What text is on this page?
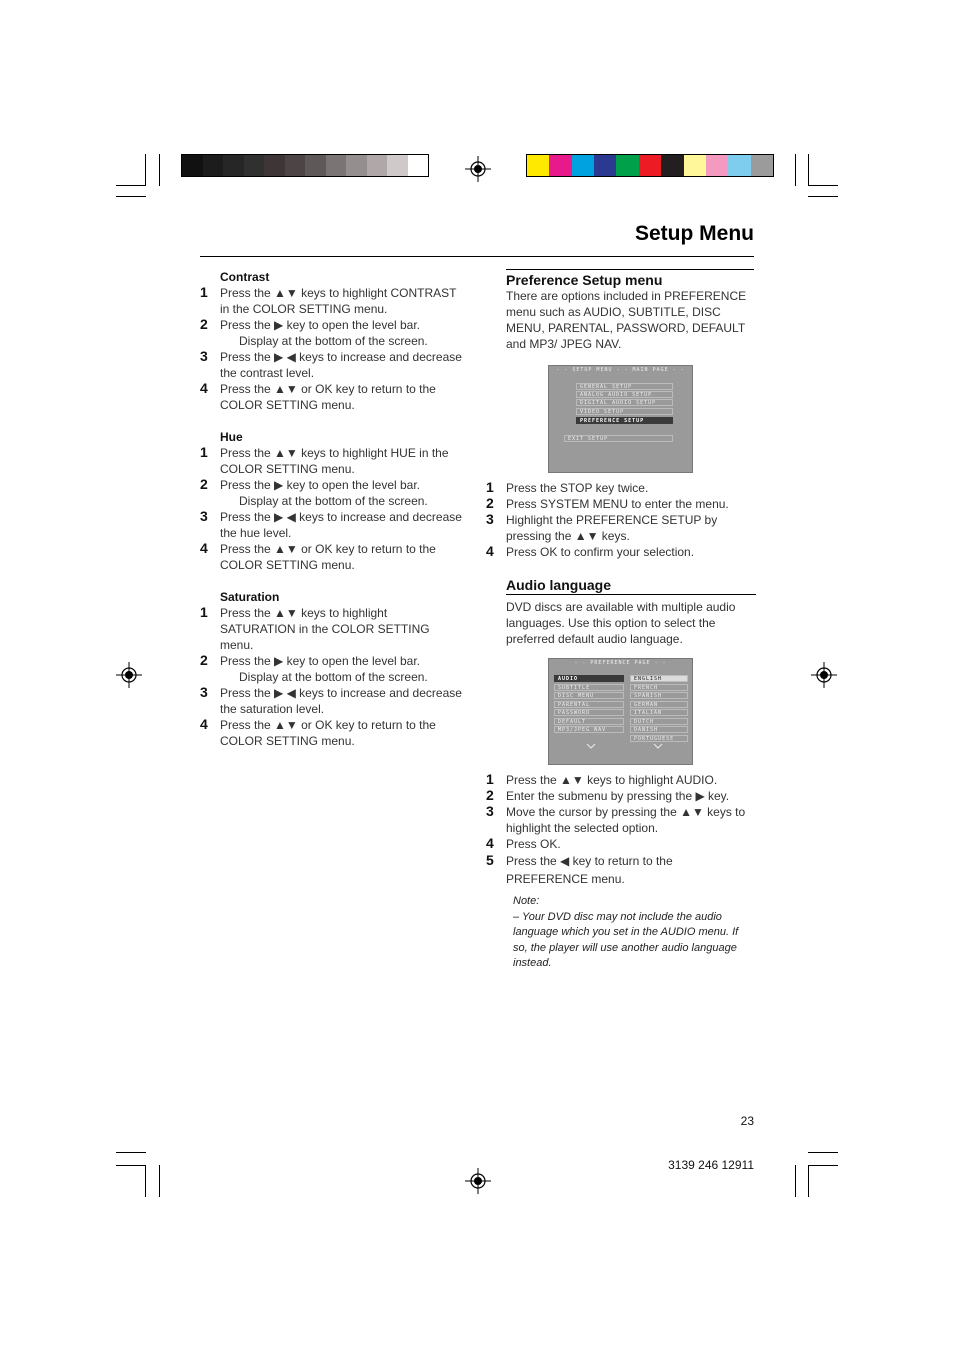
Setup Menu
Contrast
1 Press the ▲▼ keys to highlight CONTRAST in the COLOR SETTING menu.
2 Press the ▶ key to open the level bar.
Display at the bottom of the screen.
3 Press the ▶ ◀ keys to increase and decrease the contrast level.
4 Press the ▲▼ or OK key to return to the COLOR SETTING menu.
Hue
1 Press the ▲▼ keys to highlight HUE in the COLOR SETTING menu.
2 Press the ▶ key to open the level bar.
Display at the bottom of the screen.
3 Press the ▶ ◀ keys to increase and decrease the hue level.
4 Press the ▲▼ or OK key to return to the COLOR SETTING menu.
Saturation
1 Press the ▲▼ keys to highlight SATURATION in the COLOR SETTING menu.
2 Press the ▶ key to open the level bar.
Display at the bottom of the screen.
3 Press the ▶ ◀ keys to increase and decrease the saturation level.
4 Press the ▲▼ or OK key to return to the COLOR SETTING menu.
Preference Setup menu
There are options included in PREFERENCE menu such as AUDIO, SUBTITLE, DISC MENU, PARENTAL, PASSWORD, DEFAULT and MP3/ JPEG NAV.
- - SETUP MENU - - MAIN PAGE - -
GENERAL SETUP
ANALOG AUDIO SETUP
DIGITAL AUDIO SETUP
VIDEO SETUP
PREFERENCE SETUP
EXIT SETUP
1 Press the STOP key twice.
2 Press SYSTEM MENU to enter the menu.
3 Highlight the PREFERENCE SETUP by pressing the ▲▼ keys.
4 Press OK to confirm your selection.
Audio language
DVD discs are available with multiple audio languages. Use this option to select the preferred default audio language.
- - PREFERENCE PAGE - -
AUDIO
SUBTITLE
DISC MENU
PARENTAL
PASSWORD
DEFAULT
MP3/JPEG NAV
ENGLISH
FRENCH
SPANISH
GERMAN
ITALIAN
DUTCH
DANISH
PORTUGUESE
1 Press the ▲▼ keys to highlight AUDIO.
2 Enter the submenu by pressing the ▶ key.
3 Move the cursor by pressing the ▲▼ keys to highlight the selected option.
4 Press OK.
5 Press the ◀ key to return to the PREFERENCE menu.
Note:
– Your DVD disc may not include the audio language which you set in the AUDIO menu. If so, the player will use another audio language instead.
23
3139 246 12911
